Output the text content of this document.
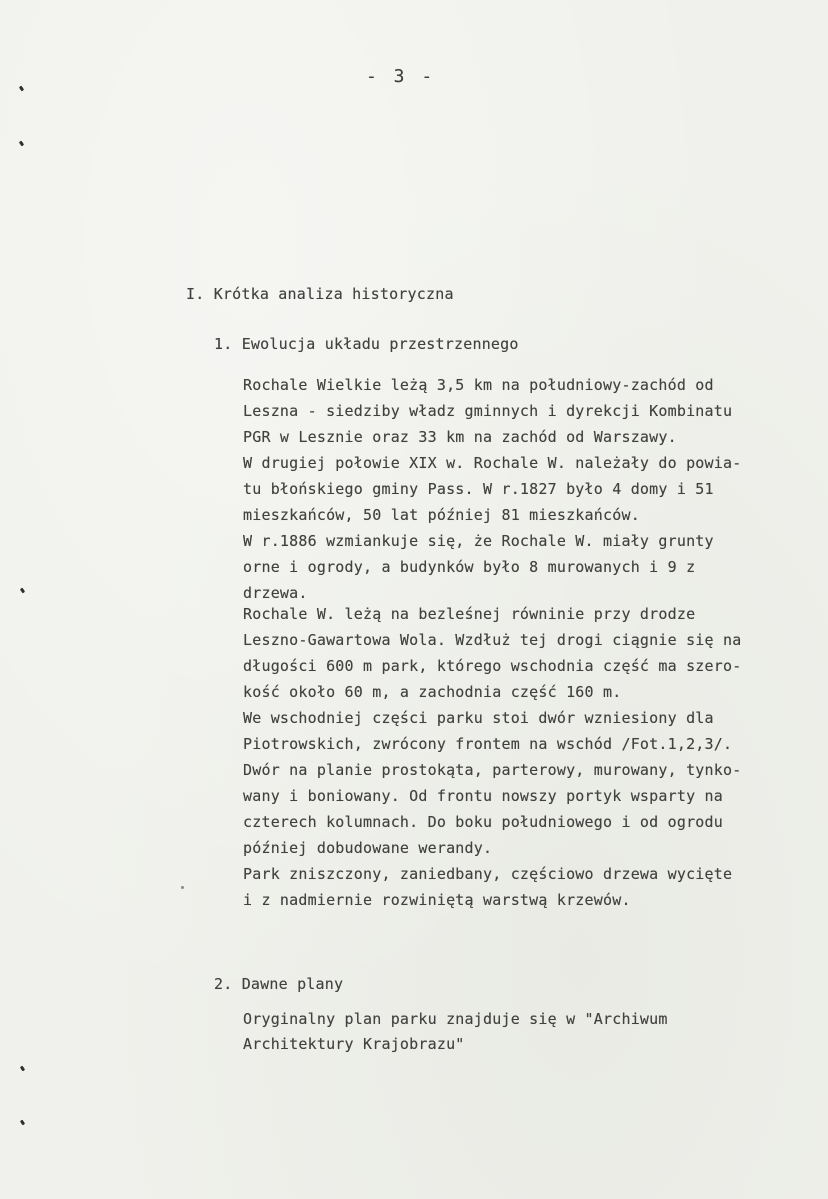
- 3 -
I. Krótka analiza historyczna
1. Ewolucja układu przestrzennego
Rochale Wielkie leżą 3,5 km na południowy-zachód od
Leszna - siedziby władz gminnych i dyrekcji Kombinatu
PGR w Lesznie oraz 33 km na zachód od Warszawy.
W drugiej połowie XIX w. Rochale W. należały do powia-
tu błońskiego gminy Pass. W r.1827 było 4 domy i 51
mieszkańców, 50 lat później 81 mieszkańców.
W r.1886 wzmiankuje się, że Rochale W. miały grunty
orne i ogrody, a budynków było 8 murowanych i 9 z
drzewa.
Rochale W. leżą na bezleśnej równinie przy drodze
Leszno-Gawartowa Wola. Wzdłuż tej drogi ciągnie się na
długości 600 m park, którego wschodnia część ma szero-
kość około 60 m, a zachodnia część 160 m.
We wschodniej części parku stoi dwór wzniesiony dla
Piotrowskich, zwrócony frontem na wschód /Fot.1,2,3/.
Dwór na planie prostokąta, parterowy, murowany, tynko-
wany i boniowany. Od frontu nowszy portyk wsparty na
czterech kolumnach. Do boku południowego i od ogrodu
później dobudowane werandy.
Park zniszczony, zaniedbany, częściowo drzewa wycięte
i z nadmiernie rozwiniętą warstwą krzewów.
2. Dawne plany
Oryginalny plan parku znajduje się w "Archiwum
Architektury Krajobrazu"
